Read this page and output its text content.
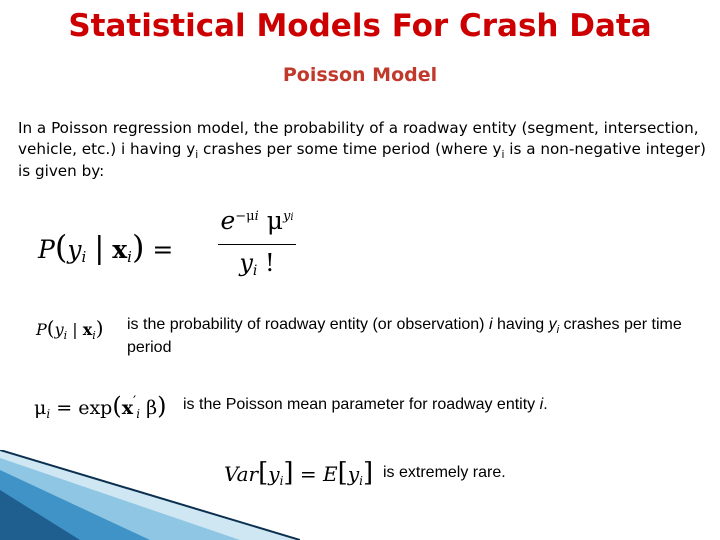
Statistical Models For Crash Data
Poisson Model
In a Poisson regression model, the probability of a roadway entity (segment, intersection, vehicle, etc.) i having $y_i$ crashes per some time period (where $y_i$ is a non-negative integer) is given by:
P(yi | xi) =
$e^{-\mu i}$ $\mu^{yi}$
yi !
$P(y_i$ | $x_i$) is the probability of roadway entity (or observation) i having $y_i$ crashes per time period
$\mu_i = \exp(x'_i$ β) is the Poisson mean parameter for roadway entity i.
$Var[y_i] = E[y_i]$ is extremely rare.
